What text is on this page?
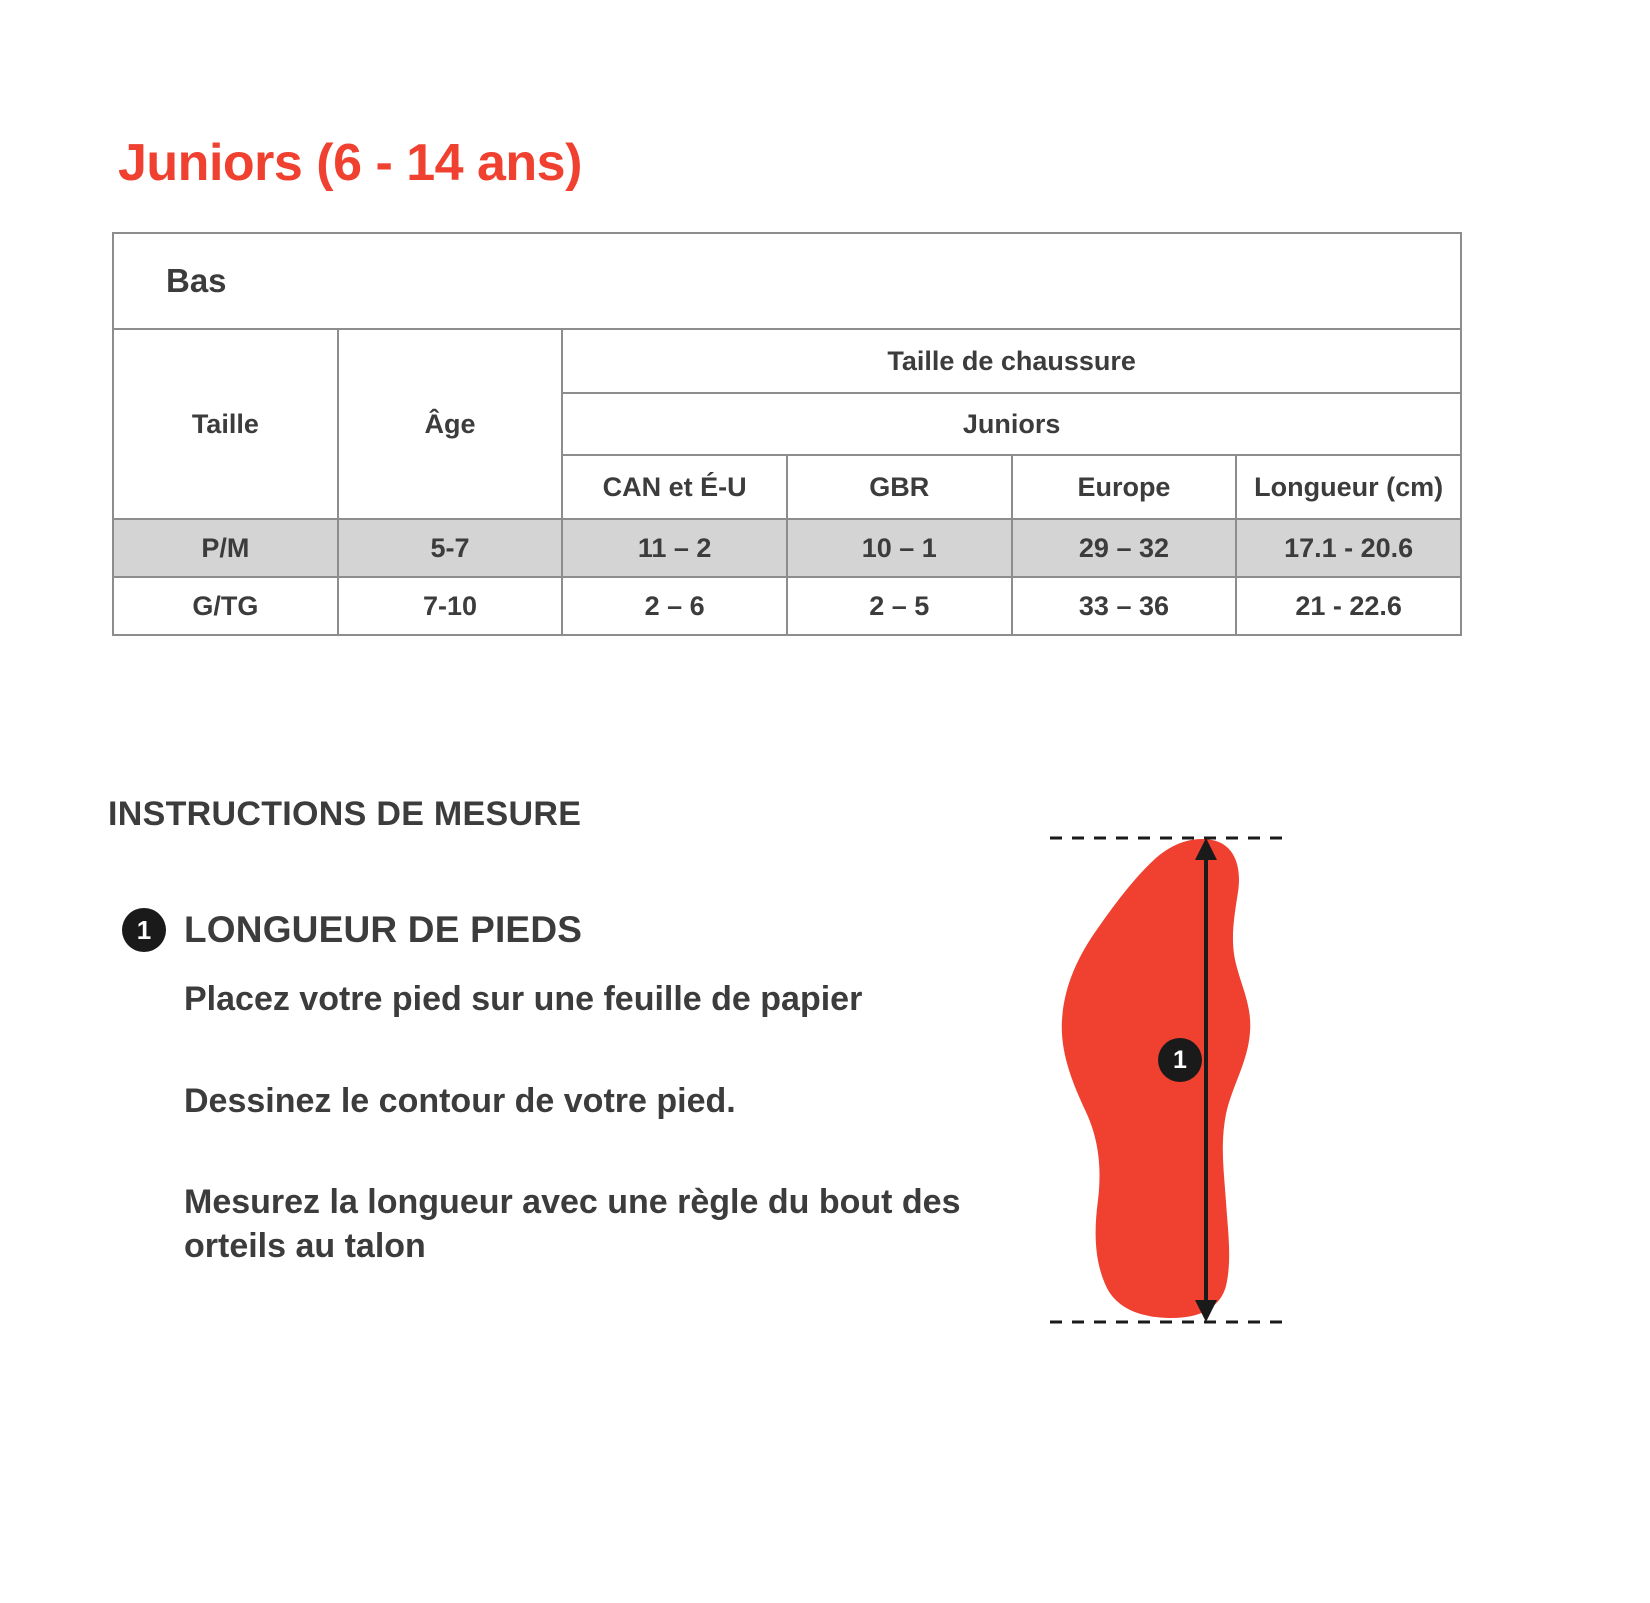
Juniors (6 - 14 ans)
Bas					
Taille	Âge	Taille de chaussure			
		Juniors			
		CAN et É-U	GBR	Europe	Longueur (cm)
P/M	5-7	11 – 2	10 – 1	29 – 32	17.1 - 20.6
G/TG	7-10	2 – 6	2 – 5	33 – 36	21 - 22.6
INSTRUCTIONS DE MESURE
1 LONGUEUR DE PIEDS
Placez votre pied sur une feuille de papier
Dessinez le contour de votre pied.
Mesurez la longueur avec une règle du bout des orteils au talon
1
